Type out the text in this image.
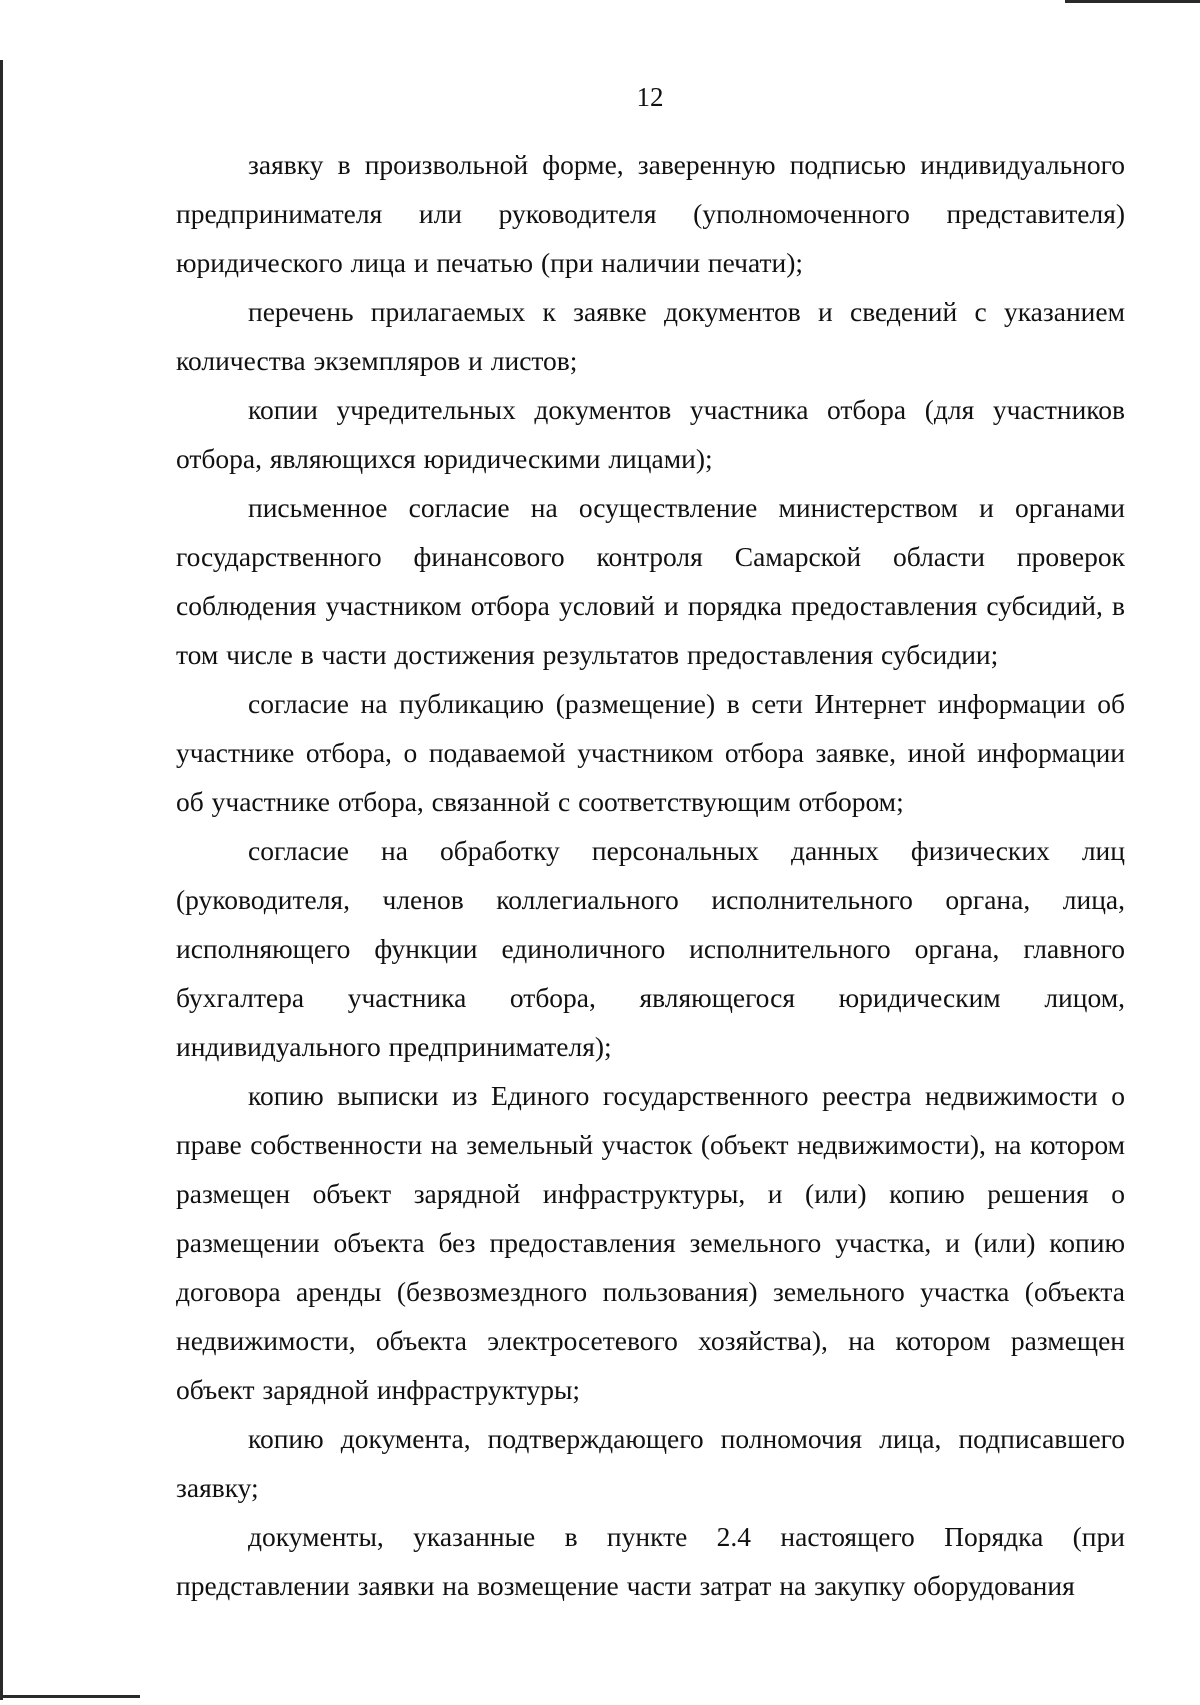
12

заявку в произвольной форме, заверенную подписью индивидуального предпринимателя или руководителя (уполномоченного представителя) юридического лица и печатью (при наличии печати);

перечень прилагаемых к заявке документов и сведений с указанием количества экземпляров и листов;

копии учредительных документов участника отбора (для участников отбора, являющихся юридическими лицами);

письменное согласие на осуществление министерством и органами государственного финансового контроля Самарской области проверок соблюдения участником отбора условий и порядка предоставления субсидий, в том числе в части достижения результатов предоставления субсидии;

согласие на публикацию (размещение) в сети Интернет информации об участнике отбора, о подаваемой участником отбора заявке, иной информации об участнике отбора, связанной с соответствующим отбором;

согласие на обработку персональных данных физических лиц (руководителя, членов коллегиального исполнительного органа, лица, исполняющего функции единоличного исполнительного органа, главного бухгалтера участника отбора, являющегося юридическим лицом, индивидуального предпринимателя);

копию выписки из Единого государственного реестра недвижимости о праве собственности на земельный участок (объект недвижимости), на котором размещен объект зарядной инфраструктуры, и (или) копию решения о размещении объекта без предоставления земельного участка, и (или) копию договора аренды (безвозмездного пользования) земельного участка (объекта недвижимости, объекта электросетевого хозяйства), на котором размещен объект зарядной инфраструктуры;

копию документа, подтверждающего полномочия лица, подписавшего заявку;

документы, указанные в пункте 2.4 настоящего Порядка (при представлении заявки на возмещение части затрат на закупку оборудования
